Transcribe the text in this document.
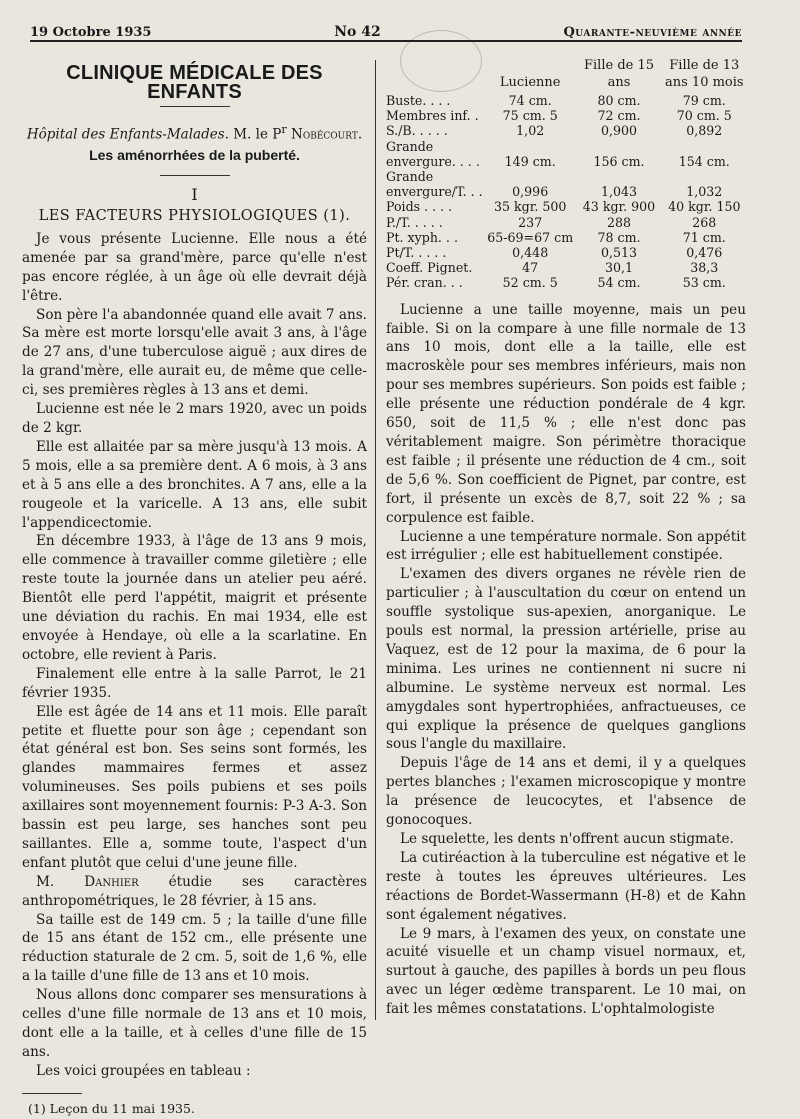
19 Octobre 1935	No 42	Quarante-neuvième année
CLINIQUE MÉDICALE DES ENFANTS
Hôpital des Enfants-Malades. M. le $P^r$ Nobécourt.
Les aménorrhées de la puberté.
I
LES FACTEURS PHYSIOLOGIQUES (1).

Je vous présente Lucienne. Elle nous a été amenée par sa grand'mère, parce qu'elle n'est pas encore réglée, à un âge où elle devrait déjà l'être.

Son père l'a abandonnée quand elle avait 7 ans. Sa mère est morte lorsqu'elle avait 3 ans, à l'âge de 27 ans, d'une tuberculose aiguë ; aux dires de la grand'mère, elle aurait eu, de même que celle-ci, ses premières règles à 13 ans et demi.

Lucienne est née le 2 mars 1920, avec un poids de 2 kgr.

Elle est allaitée par sa mère jusqu'à 13 mois. A 5 mois, elle a sa première dent. A 6 mois, à 3 ans et à 5 ans elle a des bronchites. A 7 ans, elle a la rougeole et la varicelle. A 13 ans, elle subit l'appendicectomie.

En décembre 1933, à l'âge de 13 ans 9 mois, elle commence à travailler comme giletière ; elle reste toute la journée dans un atelier peu aéré. Bientôt elle perd l'appétit, maigrit et présente une déviation du rachis. En mai 1934, elle est envoyée à Hendaye, où elle a la scarlatine. En octobre, elle revient à Paris.

Finalement elle entre à la salle Parrot, le 21 février 1935.

Elle est âgée de 14 ans et 11 mois. Elle paraît petite et fluette pour son âge ; cependant son état général est bon. Ses seins sont formés, les glandes mammaires fermes et assez volumineuses. Ses poils pubiens et ses poils axillaires sont moyennement fournis: P-3 A-3. Son bassin est peu large, ses hanches sont peu saillantes. Elle a, somme toute, l'aspect d'un enfant plutôt que celui d'une jeune fille.

M. Danhier étudie ses caractères anthropométriques, le 28 février, à 15 ans.

Sa taille est de 149 cm. 5 ; la taille d'une fille de 15 ans étant de 152 cm., elle présente une réduction staturale de 2 cm. 5, soit de 1,6 %, elle a la taille d'une fille de 13 ans et 10 mois.

Nous allons donc comparer ses mensurations à celles d'une fille normale de 13 ans et 10 mois, dont elle a la taille, et à celles d'une fille de 15 ans.

Les voici groupées en tableau :

(1) Leçon du 11 mai 1935.

	Lucienne	Fille de 15 ans	Fille de 13 ans 10 mois
Buste. . . .	74 cm.	80 cm.	79 cm.
Membres inf. .	75 cm. 5	72 cm.	70 cm. 5
S./B. . . . .	1,02	0,900	0,892
Grande envergure. . . .	149 cm.	156 cm.	154 cm.
Grande envergure/T. . .	0,996	1,043	1,032
Poids . . . .	35 kgr. 500	43 kgr. 900	40 kgr. 150
P./T. . . . .	237	288	268
Pt. xyph. . .	65-69=67 cm	78 cm.	71 cm.
Pt/T. . . . .	0,448	0,513	0,476
Coeff. Pignet.	47	30,1	38,3
Pér. cran. . .	52 cm. 5	54 cm.	53 cm.

Lucienne a une taille moyenne, mais un peu faible. Si on la compare à une fille normale de 13 ans 10 mois, dont elle a la taille, elle est macroskèle pour ses membres inférieurs, mais non pour ses membres supérieurs. Son poids est faible ; elle présente une réduction pondérale de 4 kgr. 650, soit de 11,5 % ; elle n'est donc pas véritablement maigre. Son périmètre thoracique est faible ; il présente une réduction de 4 cm., soit de 5,6 %. Son coefficient de Pignet, par contre, est fort, il présente un excès de 8,7, soit 22 % ; sa corpulence est faible.

Lucienne a une température normale. Son appétit est irrégulier ; elle est habituellement constipée.

L'examen des divers organes ne révèle rien de particulier ; à l'auscultation du cœur on entend un souffle systolique sus-apexien, anorganique. Le pouls est normal, la pression artérielle, prise au Vaquez, est de 12 pour la maxima, de 6 pour la minima. Les urines ne contiennent ni sucre ni albumine. Le système nerveux est normal. Les amygdales sont hypertrophiées, anfractueuses, ce qui explique la présence de quelques ganglions sous l'angle du maxillaire.

Depuis l'âge de 14 ans et demi, il y a quelques pertes blanches ; l'examen microscopique y montre la présence de leucocytes, et l'absence de gonocoques.

Le squelette, les dents n'offrent aucun stigmate.

La cutiréaction à la tuberculine est négative et le reste à toutes les épreuves ultérieures. Les réactions de Bordet-Wassermann (H-8) et de Kahn sont également négatives.

Le 9 mars, à l'examen des yeux, on constate une acuité visuelle et un champ visuel normaux, et, surtout à gauche, des papilles à bords un peu flous avec un léger œdème transparent. Le 10 mai, on fait les mêmes constatations. L'ophtalmologiste
